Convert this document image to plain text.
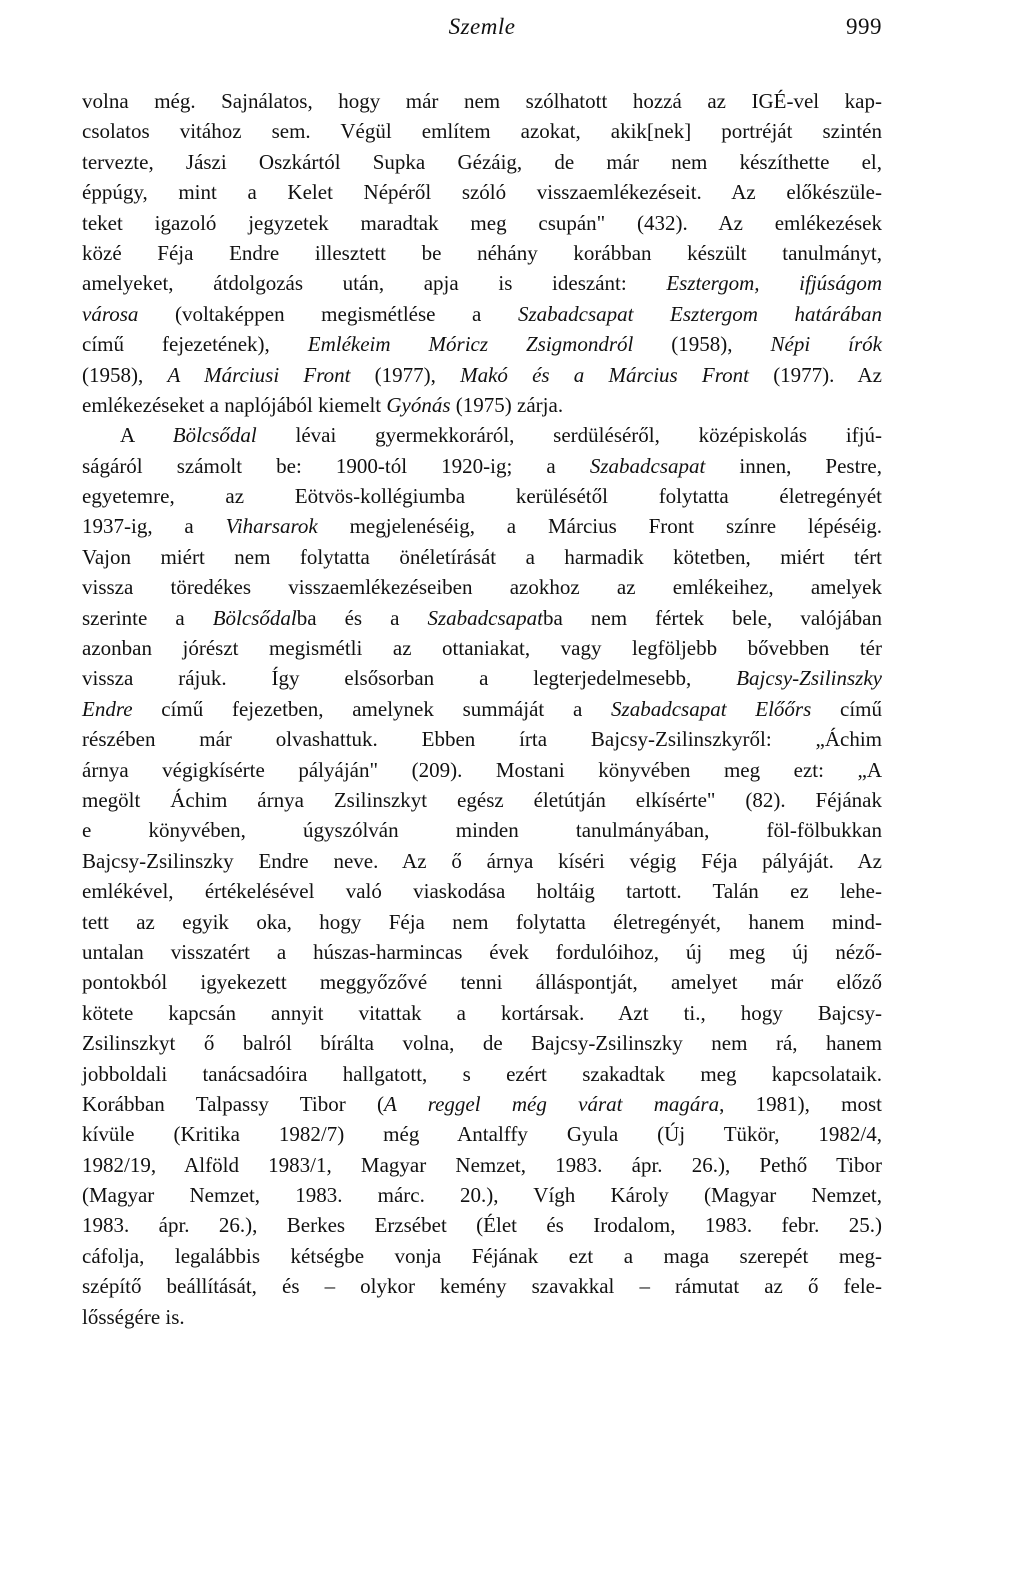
Szemle	999

volna még. Sajnálatos, hogy már nem szólhatott hozzá az IGÉ-vel kap-
csolatos vitához sem. Végül említem azokat, akik[nek] portréját szintén
tervezte, Jászi Oszkártól Supka Gézáig, de már nem készíthette el,
éppúgy, mint a Kelet Népéről szóló visszaemlékezéseit. Az előkészüle-
teket igazoló jegyzetek maradtak meg csupán" (432). Az emlékezések
közé Féja Endre illesztett be néhány korábban készült tanulmányt,
amelyeket, átdolgozás után, apja is ideszánt: Esztergom, ifjúságom
városa (voltaképpen megismétlése a Szabadcsapat Esztergom határában
című fejezetének), Emlékeim Móricz Zsigmondról (1958), Népi írók
(1958), A Márciusi Front (1977), Makó és a Március Front (1977). Az
emlékezéseket a naplójából kiemelt Gyónás (1975) zárja.

A Bölcsődal lévai gyermekkoráról, serdüléséről, középiskolás ifjú-
ságáról számolt be: 1900-tól 1920-ig; a Szabadcsapat innen, Pestre,
egyetemre, az Eötvös-kollégiumba kerülésétől folytatta életregényét
1937-ig, a Viharsarok megjelenéséig, a Március Front színre lépéséig.
Vajon miért nem folytatta önéletírását a harmadik kötetben, miért tért
vissza töredékes visszaemlékezéseiben azokhoz az emlékeihez, amelyek
szerinte a Bölcsődalba és a Szabadcsapatba nem fértek bele, valójában
azonban jórészt megismétli az ottaniakat, vagy legföljebb bővebben tér
vissza rájuk. Így elsősorban a legterjedelmesebb, Bajcsy-Zsilinszky
Endre című fejezetben, amelynek summáját a Szabadcsapat Előőrs című
részében már olvashattuk. Ebben írta Bajcsy-Zsilinszkyről: „Áchim
árnya végigkísérte pályáján" (209). Mostani könyvében meg ezt: „A
megölt Áchim árnya Zsilinszkyt egész életútján elkísérte" (82). Féjának
e könyvében, úgyszólván minden tanulmányában, föl-fölbukkan
Bajcsy-Zsilinszky Endre neve. Az ő árnya kíséri végig Féja pályáját. Az
emlékével, értékelésével való viaskodása holtáig tartott. Talán ez lehe-
tett az egyik oka, hogy Féja nem folytatta életregényét, hanem mind-
untalan visszatért a húszas-harmincas évek fordulóihoz, új meg új néző-
pontokból igyekezett meggyőzővé tenni álláspontját, amelyet már előző
kötete kapcsán annyit vitattak a kortársak. Azt ti., hogy Bajcsy-
Zsilinszkyt ő balról bírálta volna, de Bajcsy-Zsilinszky nem rá, hanem
jobboldali tanácsadóira hallgatott, s ezért szakadtak meg kapcsolataik.
Korábban Talpassy Tibor (A reggel még várat magára, 1981), most
kívüle (Kritika 1982/7) még Antalffy Gyula (Új Tükör, 1982/4,
1982/19, Alföld 1983/1, Magyar Nemzet, 1983. ápr. 26.), Pethő Tibor
(Magyar Nemzet, 1983. márc. 20.), Vígh Károly (Magyar Nemzet,
1983. ápr. 26.), Berkes Erzsébet (Élet és Irodalom, 1983. febr. 25.)
cáfolja, legalábbis kétségbe vonja Féjának ezt a maga szerepét meg-
szépítő beállítását, és – olykor kemény szavakkal – rámutat az ő fele-
lősségére is.
